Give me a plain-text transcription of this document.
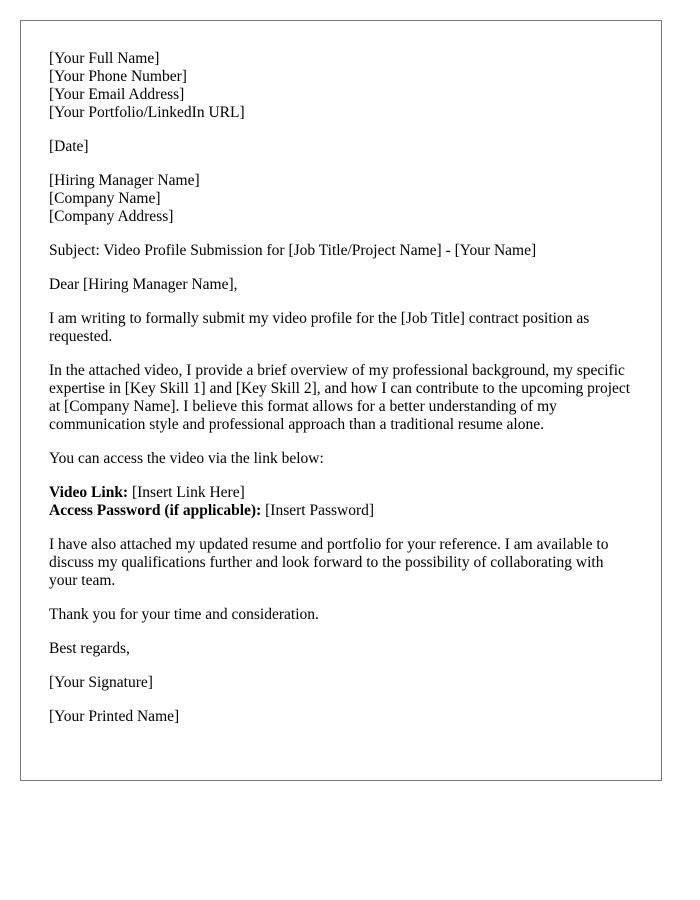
[Your Full Name]
[Your Phone Number]
[Your Email Address]
[Your Portfolio/LinkedIn URL]

[Date]

[Hiring Manager Name]
[Company Name]
[Company Address]

Subject: Video Profile Submission for [Job Title/Project Name] - [Your Name]

Dear [Hiring Manager Name],

I am writing to formally submit my video profile for the [Job Title] contract position as requested.

In the attached video, I provide a brief overview of my professional background, my specific expertise in [Key Skill 1] and [Key Skill 2], and how I can contribute to the upcoming project at [Company Name]. I believe this format allows for a better understanding of my communication style and professional approach than a traditional resume alone.

You can access the video via the link below:

Video Link: [Insert Link Here]
Access Password (if applicable): [Insert Password]

I have also attached my updated resume and portfolio for your reference. I am available to discuss my qualifications further and look forward to the possibility of collaborating with your team.

Thank you for your time and consideration.

Best regards,

[Your Signature]

[Your Printed Name]
